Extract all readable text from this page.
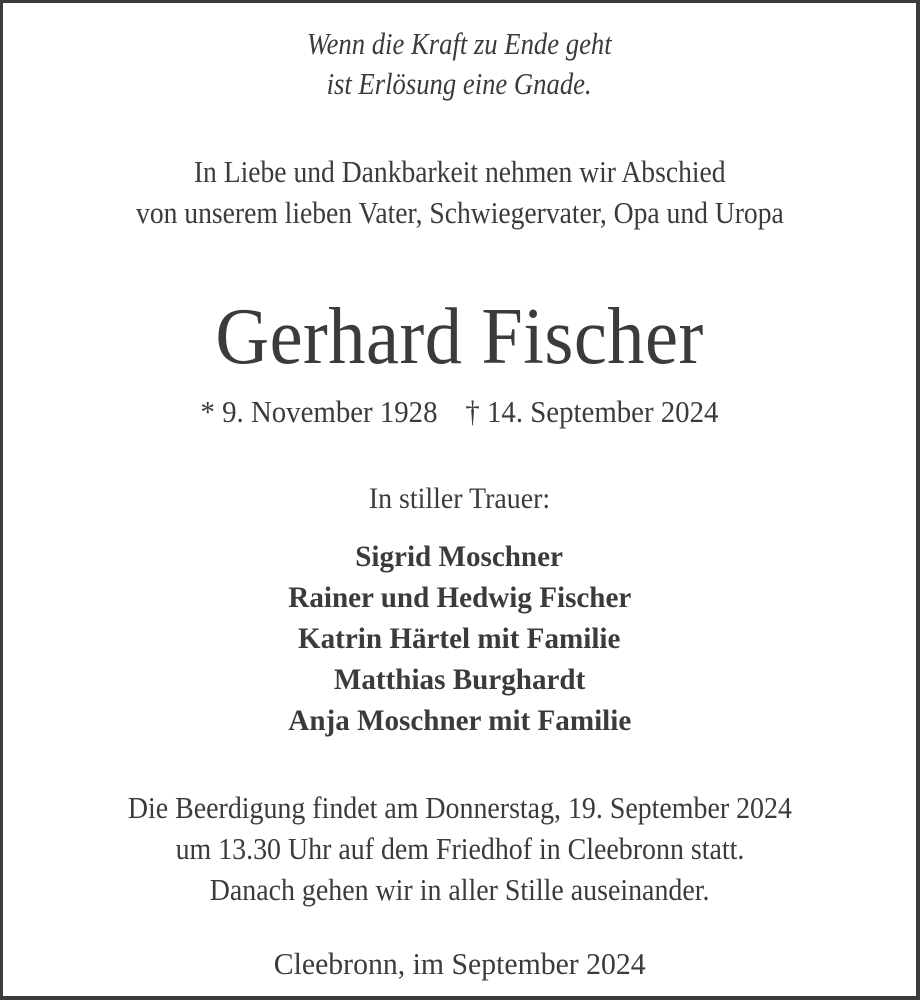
Wenn die Kraft zu Ende geht
ist Erlösung eine Gnade.
In Liebe und Dankbarkeit nehmen wir Abschied
von unserem lieben Vater, Schwiegervater, Opa und Uropa
Gerhard Fischer
* 9. November 1928 † 14. September 2024
In stiller Trauer:
Sigrid Moschner
Rainer und Hedwig Fischer
Katrin Härtel mit Familie
Matthias Burghardt
Anja Moschner mit Familie
Die Beerdigung findet am Donnerstag, 19. September 2024
um 13.30 Uhr auf dem Friedhof in Cleebronn statt.
Danach gehen wir in aller Stille auseinander.
Cleebronn, im September 2024
